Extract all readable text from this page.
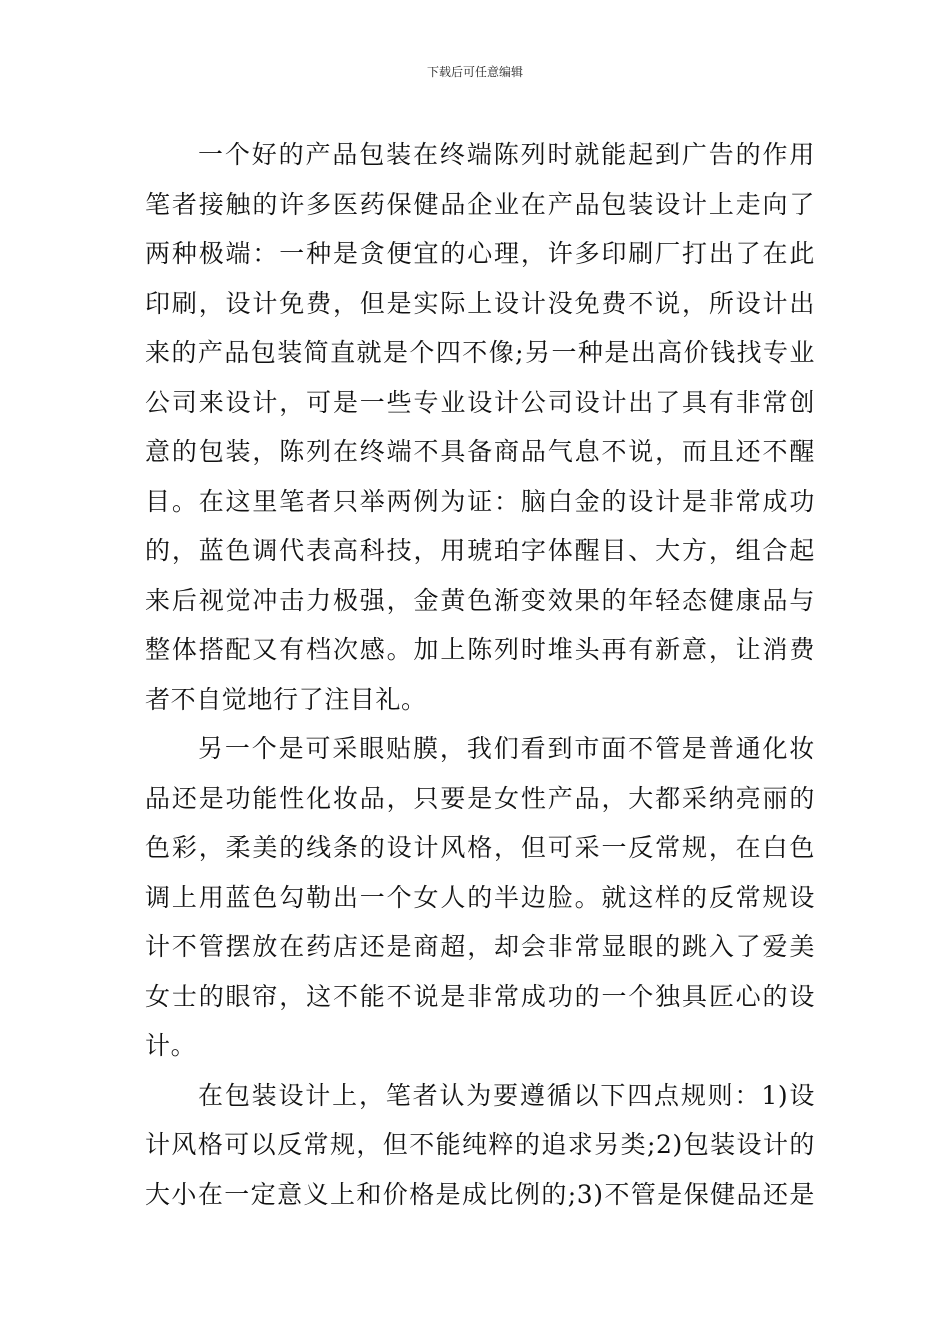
下载后可任意编辑
一个好的产品包装在终端陈列时就能起到广告的作用
笔者接触的许多医药保健品企业在产品包装设计上走向了
两种极端：一种是贪便宜的心理，许多印刷厂打出了在此
印刷，设计免费，但是实际上设计没免费不说，所设计出
来的产品包装简直就是个四不像;另一种是出高价钱找专业
公司来设计，可是一些专业设计公司设计出了具有非常创
意的包装，陈列在终端不具备商品气息不说，而且还不醒
目。在这里笔者只举两例为证：脑白金的设计是非常成功
的，蓝色调代表高科技，用琥珀字体醒目、大方，组合起
来后视觉冲击力极强，金黄色渐变效果的年轻态健康品与
整体搭配又有档次感。加上陈列时堆头再有新意，让消费
者不自觉地行了注目礼。
另一个是可采眼贴膜，我们看到市面不管是普通化妆
品还是功能性化妆品，只要是女性产品，大都采纳亮丽的
色彩，柔美的线条的设计风格，但可采一反常规，在白色
调上用蓝色勾勒出一个女人的半边脸。就这样的反常规设
计不管摆放在药店还是商超，却会非常显眼的跳入了爱美
女士的眼帘，这不能不说是非常成功的一个独具匠心的设
计。
在包装设计上，笔者认为要遵循以下四点规则：1)设
计风格可以反常规，但不能纯粹的追求另类;2)包装设计的
大小在一定意义上和价格是成比例的;3)不管是保健品还是
